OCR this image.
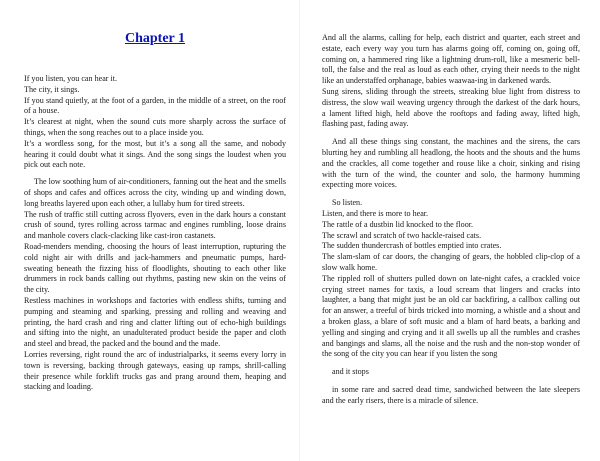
Chapter 1

If you listen, you can hear it.

The city, it sings.

If you stand quietly, at the foot of a garden, in the middle of a street, on the roof of a house.

It’s clearest at night, when the sound cuts more sharply across the surface of things, when the song reaches out to a place inside you.

It’s a wordless song, for the most, but it’s a song all the same, and nobody hearing it could doubt what it sings. And the song sings the loudest when you pick out each note.

The low soothing hum of air-conditioners, fanning out the heat and the smells of shops and cafes and offices across the city, winding up and winding down, long breaths layered upon each other, a lullaby hum for tired streets.

The rush of traffic still cutting across flyovers, even in the dark hours a constant crush of sound, tyres rolling across tarmac and engines rumbling, loose drains and manhole covers clack-clacking like cast-iron castanets.

Road-menders mending, choosing the hours of least interruption, rupturing the cold night air with drills and jack-hammers and pneumatic pumps, hard-sweating beneath the fizzing hiss of floodlights, shouting to each other like drummers in rock bands calling out rhythms, pasting new skin on the veins of the city.

Restless machines in workshops and factories with endless shifts, turning and pumping and steaming and sparking, pressing and rolling and weaving and printing, the hard crash and ring and clatter lifting out of echo-high buildings and sifting into the night, an unadulterated product beside the paper and cloth and steel and bread, the packed and the bound and the made.

Lorries reversing, right round the arc of industrialparks, it seems every lorry in town is reversing, backing through gateways, easing up ramps, shrill-calling their presence while forklift trucks gas and prang around them, heaping and stacking and loading.

And all the alarms, calling for help, each district and quarter, each street and estate, each every way you turn has alarms going off, coming on, going off, coming on, a hammered ring like a lightning drum-roll, like a mesmeric bell-toll, the false and the real as loud as each other, crying their needs to the night like an understaffed orphanage, babies waawaa-ing in darkened wards.

Sung sirens, sliding through the streets, streaking blue light from distress to distress, the slow wail weaving urgency through the darkest of the dark hours, a lament lifted high, held above the rooftops and fading away, lifted high, flashing past, fading away.

And all these things sing constant, the machines and the sirens, the cars blurting hey and rumbling all headlong, the hoots and the shouts and the hums and the crackles, all come together and rouse like a choir, sinking and rising with the turn of the wind, the counter and solo, the harmony humming expecting more voices.

So listen.

Listen, and there is more to hear.

The rattle of a dustbin lid knocked to the floor.

The scrawl and scratch of two hackle-raised cats.

The sudden thundercrash of bottles emptied into crates.

The slam-slam of car doors, the changing of gears, the hobbled clip-clop of a slow walk home.

The rippled roll of shutters pulled down on late-night cafes, a crackled voice crying street names for taxis, a loud scream that lingers and cracks into laughter, a bang that might just be an old car backfiring, a callbox calling out for an answer, a treeful of birds tricked into morning, a whistle and a shout and a broken glass, a blare of soft music and a blam of hard beats, a barking and yelling and singing and crying and it all swells up all the rumbles and crashes and bangings and slams, all the noise and the rush and the non-stop wonder of the song of the city you can hear if you listen the song

and it stops

in some rare and sacred dead time, sandwiched between the late sleepers and the early risers, there is a miracle of silence.
